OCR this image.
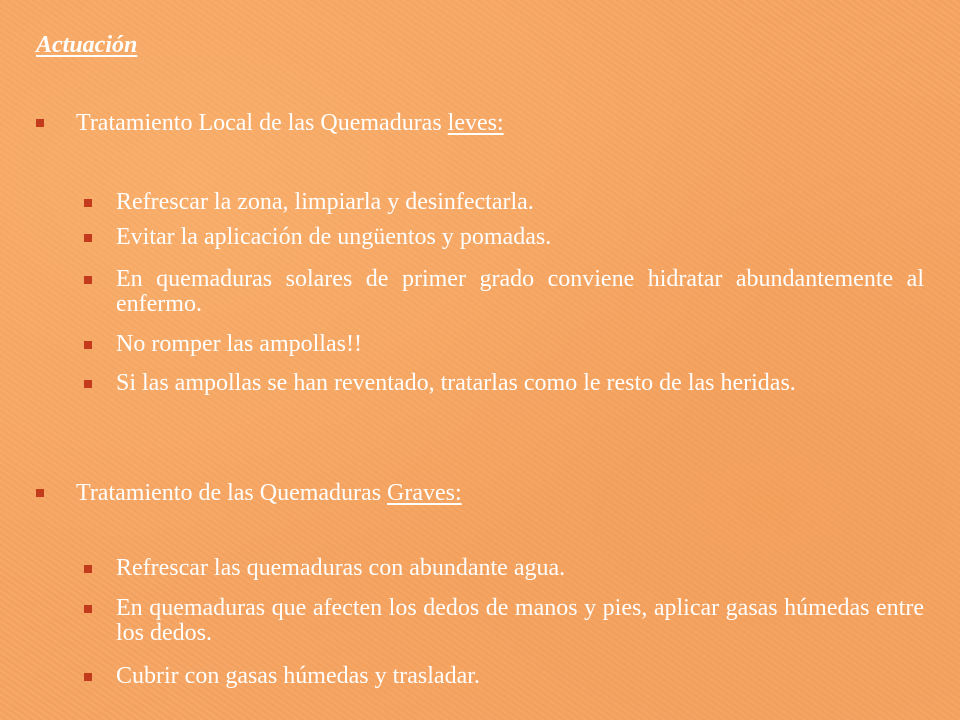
Actuación
Tratamiento Local de las Quemaduras leves:
Refrescar la zona, limpiarla y desinfectarla.
Evitar la aplicación de ungüentos y pomadas.
En quemaduras solares de primer grado conviene hidratar abundantemente al enfermo.
No romper las ampollas!!
Si las ampollas se han reventado, tratarlas como le resto de las heridas.
Tratamiento de las Quemaduras Graves:
Refrescar las quemaduras con abundante agua.
En quemaduras que afecten los dedos de manos y pies, aplicar gasas húmedas entre los dedos.
Cubrir con gasas húmedas y trasladar.
